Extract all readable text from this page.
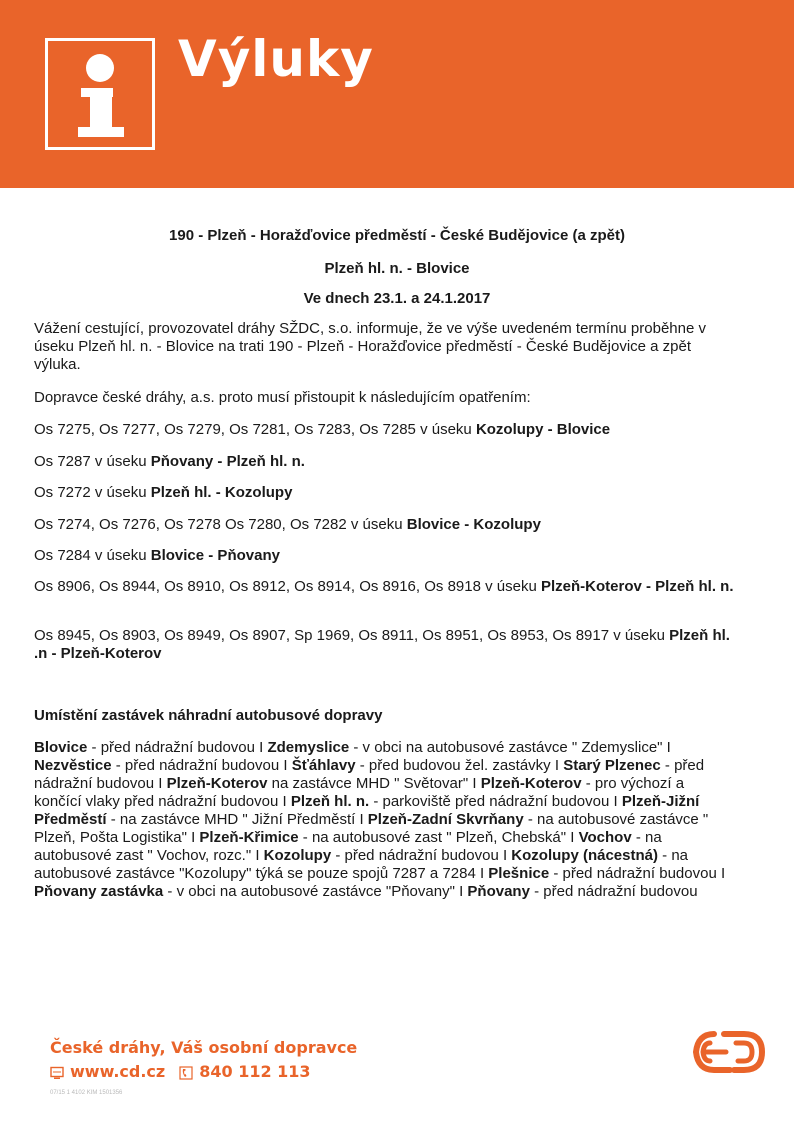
Výluky
190 - Plzeň - Horažďovice předměstí - České Budějovice (a zpět)
Plzeň hl. n. - Blovice
Ve dnech 23.1. a 24.1.2017
Vážení cestující, provozovatel dráhy SŽDC, s.o. informuje, že ve výše uvedeném termínu proběhne v úseku Plzeň hl. n. - Blovice na trati 190 - Plzeň - Horažďovice předměstí - České Budějovice a zpět výluka.
Dopravce české dráhy, a.s. proto musí přistoupit k následujícím opatřením:
Os 7275, Os 7277, Os 7279, Os 7281, Os 7283, Os 7285 v úseku Kozolupy - Blovice
Os 7287 v úseku Pňovany - Plzeň hl. n.
Os 7272 v úseku Plzeň hl. - Kozolupy
Os 7274, Os 7276, Os 7278 Os 7280, Os 7282 v úseku Blovice - Kozolupy
Os 7284 v úseku Blovice - Pňovany
Os 8906, Os 8944, Os 8910, Os 8912, Os 8914, Os 8916, Os 8918 v úseku Plzeň-Koterov - Plzeň hl. n.
Os 8945, Os 8903, Os 8949, Os 8907, Sp 1969, Os 8911, Os 8951, Os 8953, Os 8917 v úseku Plzeň hl. .n - Plzeň-Koterov
Umístění zastávek náhradní autobusové dopravy
Blovice - před nádražní budovou I Zdemyslice - v obci na autobusové zastávce " Zdemyslice" I Nezvěstice - před nádražní budovou I Šťáhlavy - před budovou žel. zastávky I Starý Plzenec - před nádražní budovou I Plzeň-Koterov na zastávce MHD " Světovar" I Plzeň-Koterov - pro výchozí a končící vlaky před nádražní budovou I Plzeň hl. n. - parkoviště před nádražní budovou I Plzeň-Jižní Předměstí - na zastávce MHD " Jižní Předměstí I Plzeň-Zadní Skvrňany - na autobusové zastávce " Plzeň, Pošta Logistika" I Plzeň-Křimice - na autobusové zast " Plzeň, Chebská" I Vochov - na autobusové zast " Vochov, rozc." I Kozolupy - před nádražní budovou I Kozolupy (nácestná) - na autobusové zastávce "Kozolupy" týká se pouze spojů 7287 a 7284 I Plešnice - před nádražní budovou I Pňovany zastávka - v obci na autobusové zastávce "Pňovany" I Pňovany - před nádražní budovou
České dráhy, Váš osobní dopravce
www.cd.cz 840 112 113
07/15 1 4102 KIM 1501356
